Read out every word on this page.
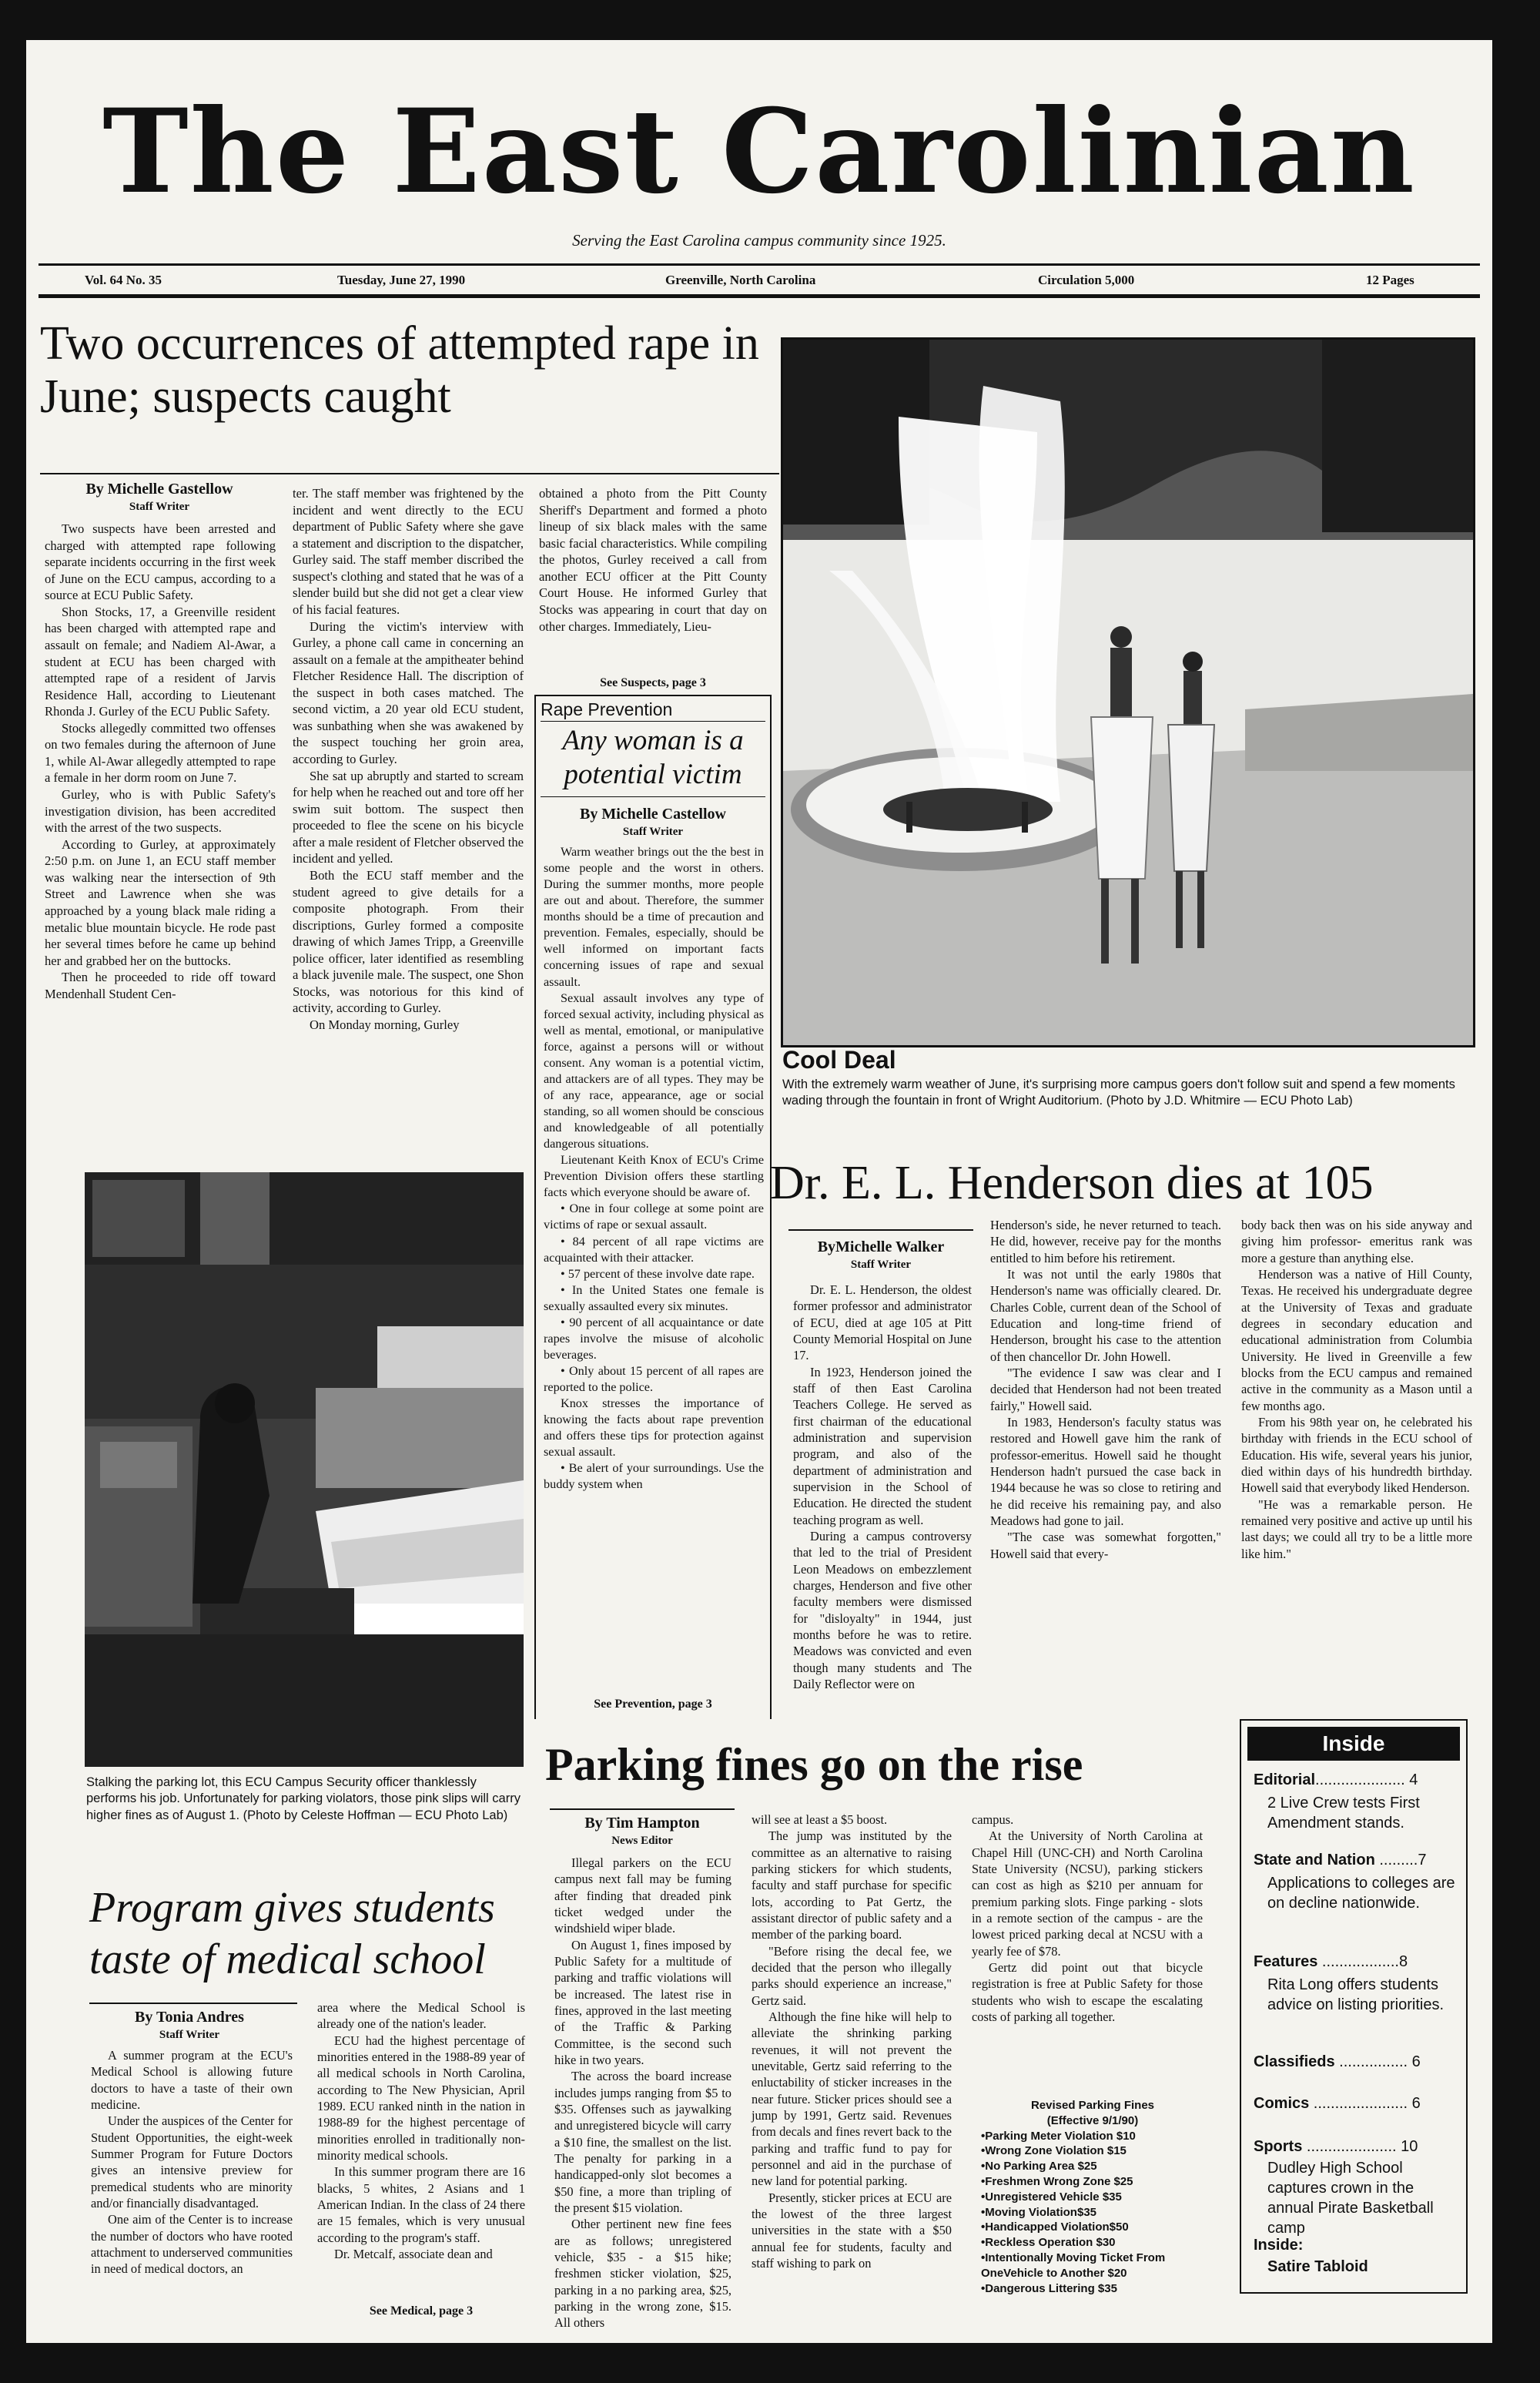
The East Carolinian
Serving the East Carolina campus community since 1925.
Vol. 64 No. 35	Tuesday, June 27, 1990	Greenville, North Carolina	Circulation 5,000	12 Pages
Two occurrences of attempted rape in June; suspects caught
By Michelle Gastellow
Staff Writer

Two suspects have been arrested and charged with attempted rape following separate incidents occurring in the first week of June on the ECU campus, according to a source at ECU Public Safety.

Shon Stocks, 17, a Greenville resident has been charged with attempted rape and assault on female; and Nadiem Al-Awar, a student at ECU has been charged with attempted rape of a resident of Jarvis Residence Hall, according to Lieutenant Rhonda J. Gurley of the ECU Public Safety.

Stocks allegedly committed two offenses on two females during the afternoon of June 1, while Al-Awar allegedly attempted to rape a female in her dorm room on June 7.

Gurley, who is with Public Safety's investigation division, has been accredited with the arrest of the two suspects.

According to Gurley, at approximately 2:50 p.m. on June 1, an ECU staff member was walking near the intersection of 9th Street and Lawrence when she was approached by a young black male riding a metalic blue mountain bicycle. He rode past her several times before he came up behind her and grabbed her on the buttocks.

Then he proceeded to ride off toward Mendenhall Student Cen-

ter. The staff member was frightened by the incident and went directly to the ECU department of Public Safety where she gave a statement and discription to the dispatcher, Gurley said. The staff member discribed the suspect's clothing and stated that he was of a slender build but she did not get a clear view of his facial features.

During the victim's interview with Gurley, a phone call came in concerning an assault on a female at the ampitheater behind Fletcher Residence Hall. The discription of the suspect in both cases matched. The second victim, a 20 year old ECU student, was sunbathing when she was awakened by the suspect touching her groin area, according to Gurley.

She sat up abruptly and started to scream for help when he reached out and tore off her swim suit bottom. The suspect then proceeded to flee the scene on his bicycle after a male resident of Fletcher observed the incident and yelled.

Both the ECU staff member and the student agreed to give details for a composite photograph. From their discriptions, Gurley formed a composite drawing of which James Tripp, a Greenville police officer, later identified as resembling a black juvenile male. The suspect, one Shon Stocks, was notorious for this kind of activity, according to Gurley.

On Monday morning, Gurley

obtained a photo from the Pitt County Sheriff's Department and formed a photo lineup of six black males with the same basic facial characteristics. While compiling the photos, Gurley received a call from another ECU officer at the Pitt County Court House. He informed Gurley that Stocks was appearing in court that day on other charges. Immediately, Lieu-

See Suspects, page 3
Rape Prevention
Any woman is a potential victim
By Michelle Castellow
Staff Writer

Warm weather brings out the the best in some people and the worst in others. During the summer months, more people are out and about. Therefore, the summer months should be a time of precaution and prevention. Females, especially, should be well informed on important facts concerning issues of rape and sexual assault.

Sexual assault involves any type of forced sexual activity, including physical as well as mental, emotional, or manipulative force, against a persons will or without consent. Any woman is a potential victim, and attackers are of all types. They may be of any race, appearance, age or social standing, so all women should be conscious and knowledgeable of all potentially dangerous situations.

Lieutenant Keith Knox of ECU's Crime Prevention Division offers these startling facts which everyone should be aware of.

• One in four college at some point are victims of rape or sexual assault.

• 84 percent of all rape victims are acquainted with their attacker.

• 57 percent of these involve date rape.

• In the United States one female is sexually assaulted every six minutes.

• 90 percent of all acquaintance or date rapes involve the misuse of alcoholic beverages.

• Only about 15 percent of all rapes are reported to the police.

Knox stresses the importance of knowing the facts about rape prevention and offers these tips for protection against sexual assault.

• Be alert of your surroundings. Use the buddy system when

See Prevention, page 3
Cool Deal
With the extremely warm weather of June, it's surprising more campus goers don't follow suit and spend a few moments wading through the fountain in front of Wright Auditorium. (Photo by J.D. Whitmire — ECU Photo Lab)
Dr. E. L. Henderson dies at 105
ByMichelle Walker
Staff Writer

Dr. E. L. Henderson, the oldest former professor and administrator of ECU, died at age 105 at Pitt County Memorial Hospital on June 17.

In 1923, Henderson joined the staff of then East Carolina Teachers College. He served as first chairman of the educational administration and supervision program, and also of the department of administration and supervision in the School of Education. He directed the student teaching program as well.

During a campus controversy that led to the trial of President Leon Meadows on embezzlement charges, Henderson and five other faculty members were dismissed for "disloyalty" in 1944, just months before he was to retire. Meadows was convicted and even though many students and The Daily Reflector were on

Henderson's side, he never returned to teach. He did, however, receive pay for the months entitled to him before his retirement.

It was not until the early 1980s that Henderson's name was officially cleared. Dr. Charles Coble, current dean of the School of Education and long-time friend of Henderson, brought his case to the attention of then chancellor Dr. John Howell.

"The evidence I saw was clear and I decided that Henderson had not been treated fairly," Howell said.

In 1983, Henderson's faculty status was restored and Howell gave him the rank of professor-emeritus. Howell said he thought Henderson hadn't pursued the case back in 1944 because he was so close to retiring and he did receive his remaining pay, and also Meadows had gone to jail.

"The case was somewhat forgotten," Howell said that every-

body back then was on his side anyway and giving him professor- emeritus rank was more a gesture than anything else.

Henderson was a native of Hill County, Texas. He received his undergraduate degree at the University of Texas and graduate degrees in secondary education and educational administration from Columbia University. He lived in Greenville a few blocks from the ECU campus and remained active in the community as a Mason until a few months ago.

From his 98th year on, he celebrated his birthday with friends in the ECU school of Education. His wife, several years his junior, died within days of his hundredth birthday. Howell said that everybody liked Henderson.

"He was a remarkable person. He remained very positive and active up until his last days; we could all try to be a little more like him."

Stalking the parking lot, this ECU Campus Security officer thanklessly performs his job. Unfortunately for parking violators, those pink slips will carry higher fines as of August 1. (Photo by Celeste Hoffman — ECU Photo Lab)
Program gives students taste of medical school
By Tonia Andres
Staff Writer

A summer program at the ECU's Medical School is allowing future doctors to have a taste of their own medicine.

Under the auspices of the Center for Student Opportunities, the eight-week Summer Program for Future Doctors gives an intensive preview for premedical students who are minority and/or financially disadvantaged.

One aim of the Center is to increase the number of doctors who have rooted attachment to underserved communities in need of medical doctors, an

area where the Medical School is already one of the nation's leader.

ECU had the highest percentage of minorities entered in the 1988-89 year of all medical schools in North Carolina, according to The New Physician, April 1989. ECU ranked ninth in the nation in 1988-89 for the highest percentage of minorities enrolled in traditionally non-minority medical schools.

In this summer program there are 16 blacks, 5 whites, 2 Asians and 1 American Indian. In the class of 24 there are 15 females, which is very unusual according to the program's staff.

Dr. Metcalf, associate dean and

See Medical, page 3
Parking fines go on the rise
By Tim Hampton
News Editor

Illegal parkers on the ECU campus next fall may be fuming after finding that dreaded pink ticket wedged under the windshield wiper blade.

On August 1, fines imposed by Public Safety for a multitude of parking and traffic violations will be increased. The latest rise in fines, approved in the last meeting of the Traffic & Parking Committee, is the second such hike in two years.

The across the board increase includes jumps ranging from $5 to $35. Offenses such as jaywalking and unregistered bicycle will carry a $10 fine, the smallest on the list. The penalty for parking in a handicapped-only slot becomes a $50 fine, a more than tripling of the present $15 violation.

Other pertinent new fine fees are as follows; unregistered vehicle, $35 - a $15 hike; freshmen sticker violation, $25, parking in a no parking area, $25, parking in the wrong zone, $15. All others

will see at least a $5 boost.

The jump was instituted by the committee as an alternative to raising parking stickers for which students, faculty and staff purchase for specific lots, according to Pat Gertz, the assistant director of public safety and a member of the parking board.

"Before rising the decal fee, we decided that the person who illegally parks should experience an increase," Gertz said.

Although the fine hike will help to alleviate the shrinking parking revenues, it will not prevent the unevitable, Gertz said referring to the enluctability of sticker increases in the near future. Sticker prices should see a jump by 1991, Gertz said. Revenues from decals and fines revert back to the parking and traffic fund to pay for personnel and aid in the purchase of new land for potential parking.

Presently, sticker prices at ECU are the lowest of the three largest universities in the state with a $50 annual fee for students, faculty and staff wishing to park on

campus.

At the University of North Carolina at Chapel Hill (UNC-CH) and North Carolina State University (NCSU), parking stickers can cost as high as $210 per annuam for premium parking slots. Finge parking - slots in a remote section of the campus - are the lowest priced parking decal at NCSU with a yearly fee of $78.

Gertz did point out that bicycle registration is free at Public Safety for those students who wish to escape the escalating costs of parking all together.

Revised Parking Fines
(Effective 9/1/90)
•Parking Meter Violation $10
•Wrong Zone Violation $15
•No Parking Area $25
•Freshmen Wrong Zone $25
•Unregistered Vehicle $35
•Moving Violation$35
•Handicapped Violation$50
•Reckless Operation $30
•Intentionally Moving Ticket From OneVehicle to Another $20
•Dangerous Littering $35
Inside
Editorial..................... 4
2 Live Crew tests First Amendment stands.
State and Nation .........7
Applications to colleges are on decline nationwide.
Features ..................8
Rita Long offers students advice on listing priorities.
Classifieds ................ 6
Comics ...................... 6
Sports ..................... 10
Dudley High School captures crown in the annual Pirate Basketball camp
Inside:
Satire Tabloid
